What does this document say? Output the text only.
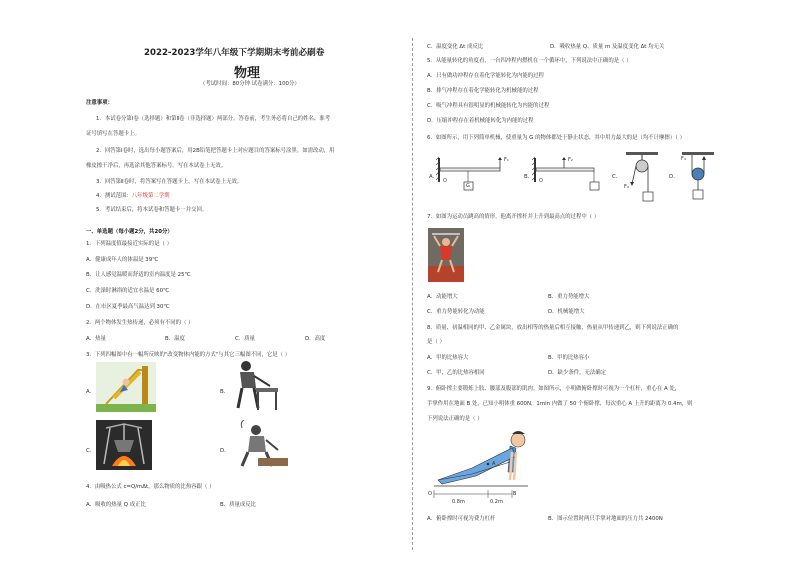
2022-2023学年八年级下学期期末考前必刷卷
物理
（考试时间：80分钟 试卷满分：100分）
注意事项：
1．本试卷分第Ⅰ卷（选择题）和第Ⅱ卷（非选择题）两部分。答卷前，考生务必将自己的姓名、准考
证号填写在答题卡上。
2．回答第Ⅰ卷时，选出每小题答案后，用2B铅笔把答题卡上对应题目的答案标号涂黑。如需改动，用
橡皮擦干净后，再选涂其他答案标号。写在本试卷上无效。
3．回答第Ⅱ卷时，将答案写在答题卡上。写在本试卷上无效。
4．测试范围：八年级第二学期
5．考试结束后，将本试卷和答题卡一并交回。
一、单选题（每小题2分，共20分）
1．下列温度值最接近实际的是（ ）
A．健康成年人的体温是 39℃
B．让人感觉温暖而舒适的室内温度是 25℃
C．洗澡时淋浴的适宜水温是 60℃
D．在市区夏季最高气温达到 30℃
2．两个物体发生热传递，必须有不同的（ ）
A．热量	B．温度	C．质量	D．高度
3．下列四幅图中有一幅所反映的"改变物体内能的方式"与其它三幅图不同，它是（ ）
A．	B．
C．	D．
4．由吸热公式 c=Q/mΔt，那么物质的比热容跟（ ）
A．吸收的热量 Q 成正比	B．质量成反比
C．温度变化 Δt 成反比	D．吸收热量 Q、质量 m 及温度变化 Δt 均无关
5．从能量转化的角度看，一台四冲程内燃机在一个循环中，下列说法中正确的是（ ）
A．只有做功冲程存在着化学能转化为内能的过程
B．排气冲程存在着化学能转化为机械能的过程
C．吸气冲程具有很明显的机械能转化为内能的过程
D．压缩冲程存在着机械能转化为内能的过程
6．如图所示，用下列简单机械，使重量为 G 的物体都处于静止状态，其中用力最大的是（均不计摩擦）（ ）
A．
F₁
G
O
B．
F₂
O
C．
F₃
D．
F₄
7．如图为运动员跳高的情形，他离开撑杆并上升到最高点的过程中（ ）
A．动能增大	B．重力势能增大
C．重力势能转化为动能	D．机械能增大
8．质量、初温相同的甲、乙金属块，放出相等的热量后相互接触，热量从甲传递到乙，则下列说法正确的
是（ ）
A．甲的比热容大	B．甲的比热容小
C．甲、乙的比热容相同	D．缺少条件，无法确定
9．俯卧撑主要锻炼上肢、腰部及腹部的肌肉。如图所示，小明做俯卧撑时可视为一个杠杆，重心在 A 处，
手掌作用在地面 B 处，已知小明体重 600N，1min 内做了 50 个俯卧撑，每次重心 A 上升的距离为 0.4m，则
下列说法正确的是（ ）
A
B
O
0.8m	0.2m
A．俯卧撑时可视为费力杠杆	B．图示位置时两只手掌对地面的压力共 2400N
